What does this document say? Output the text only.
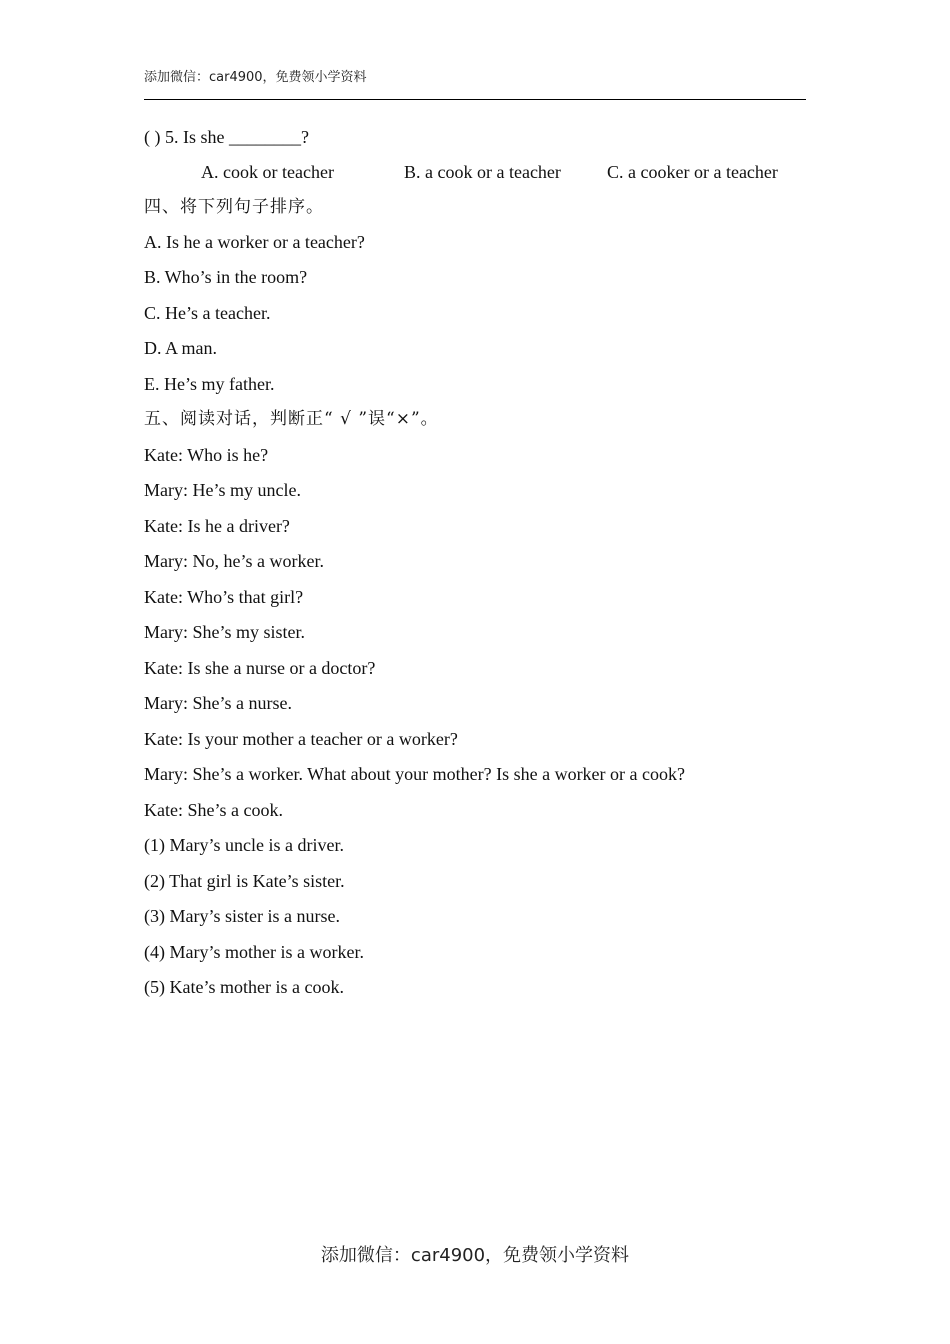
添加微信：car4900，免费领小学资料
( ) 5. Is she ________?
A. cook or teacher	B. a cook or a teacher	C. a cooker or a teacher
四、将下列句子排序。
A. Is he a worker or a teacher?
B. Who’s in the room?
C. He’s a teacher.
D. A man.
E. He’s my father.
五、阅读对话，判断正“ √ ”误“×”。
Kate: Who is he?
Mary: He’s my uncle.
Kate: Is he a driver?
Mary: No, he’s a worker.
Kate: Who’s that girl?
Mary: She’s my sister.
Kate: Is she a nurse or a doctor?
Mary: She’s a nurse.
Kate: Is your mother a teacher or a worker?
Mary: She’s a worker. What about your mother? Is she a worker or a cook?
Kate: She’s a cook.
(1) Mary’s uncle is a driver.
(2) That girl is Kate’s sister.
(3) Mary’s sister is a nurse.
(4) Mary’s mother is a worker.
(5) Kate’s mother is a cook.
添加微信：car4900，免费领小学资料
